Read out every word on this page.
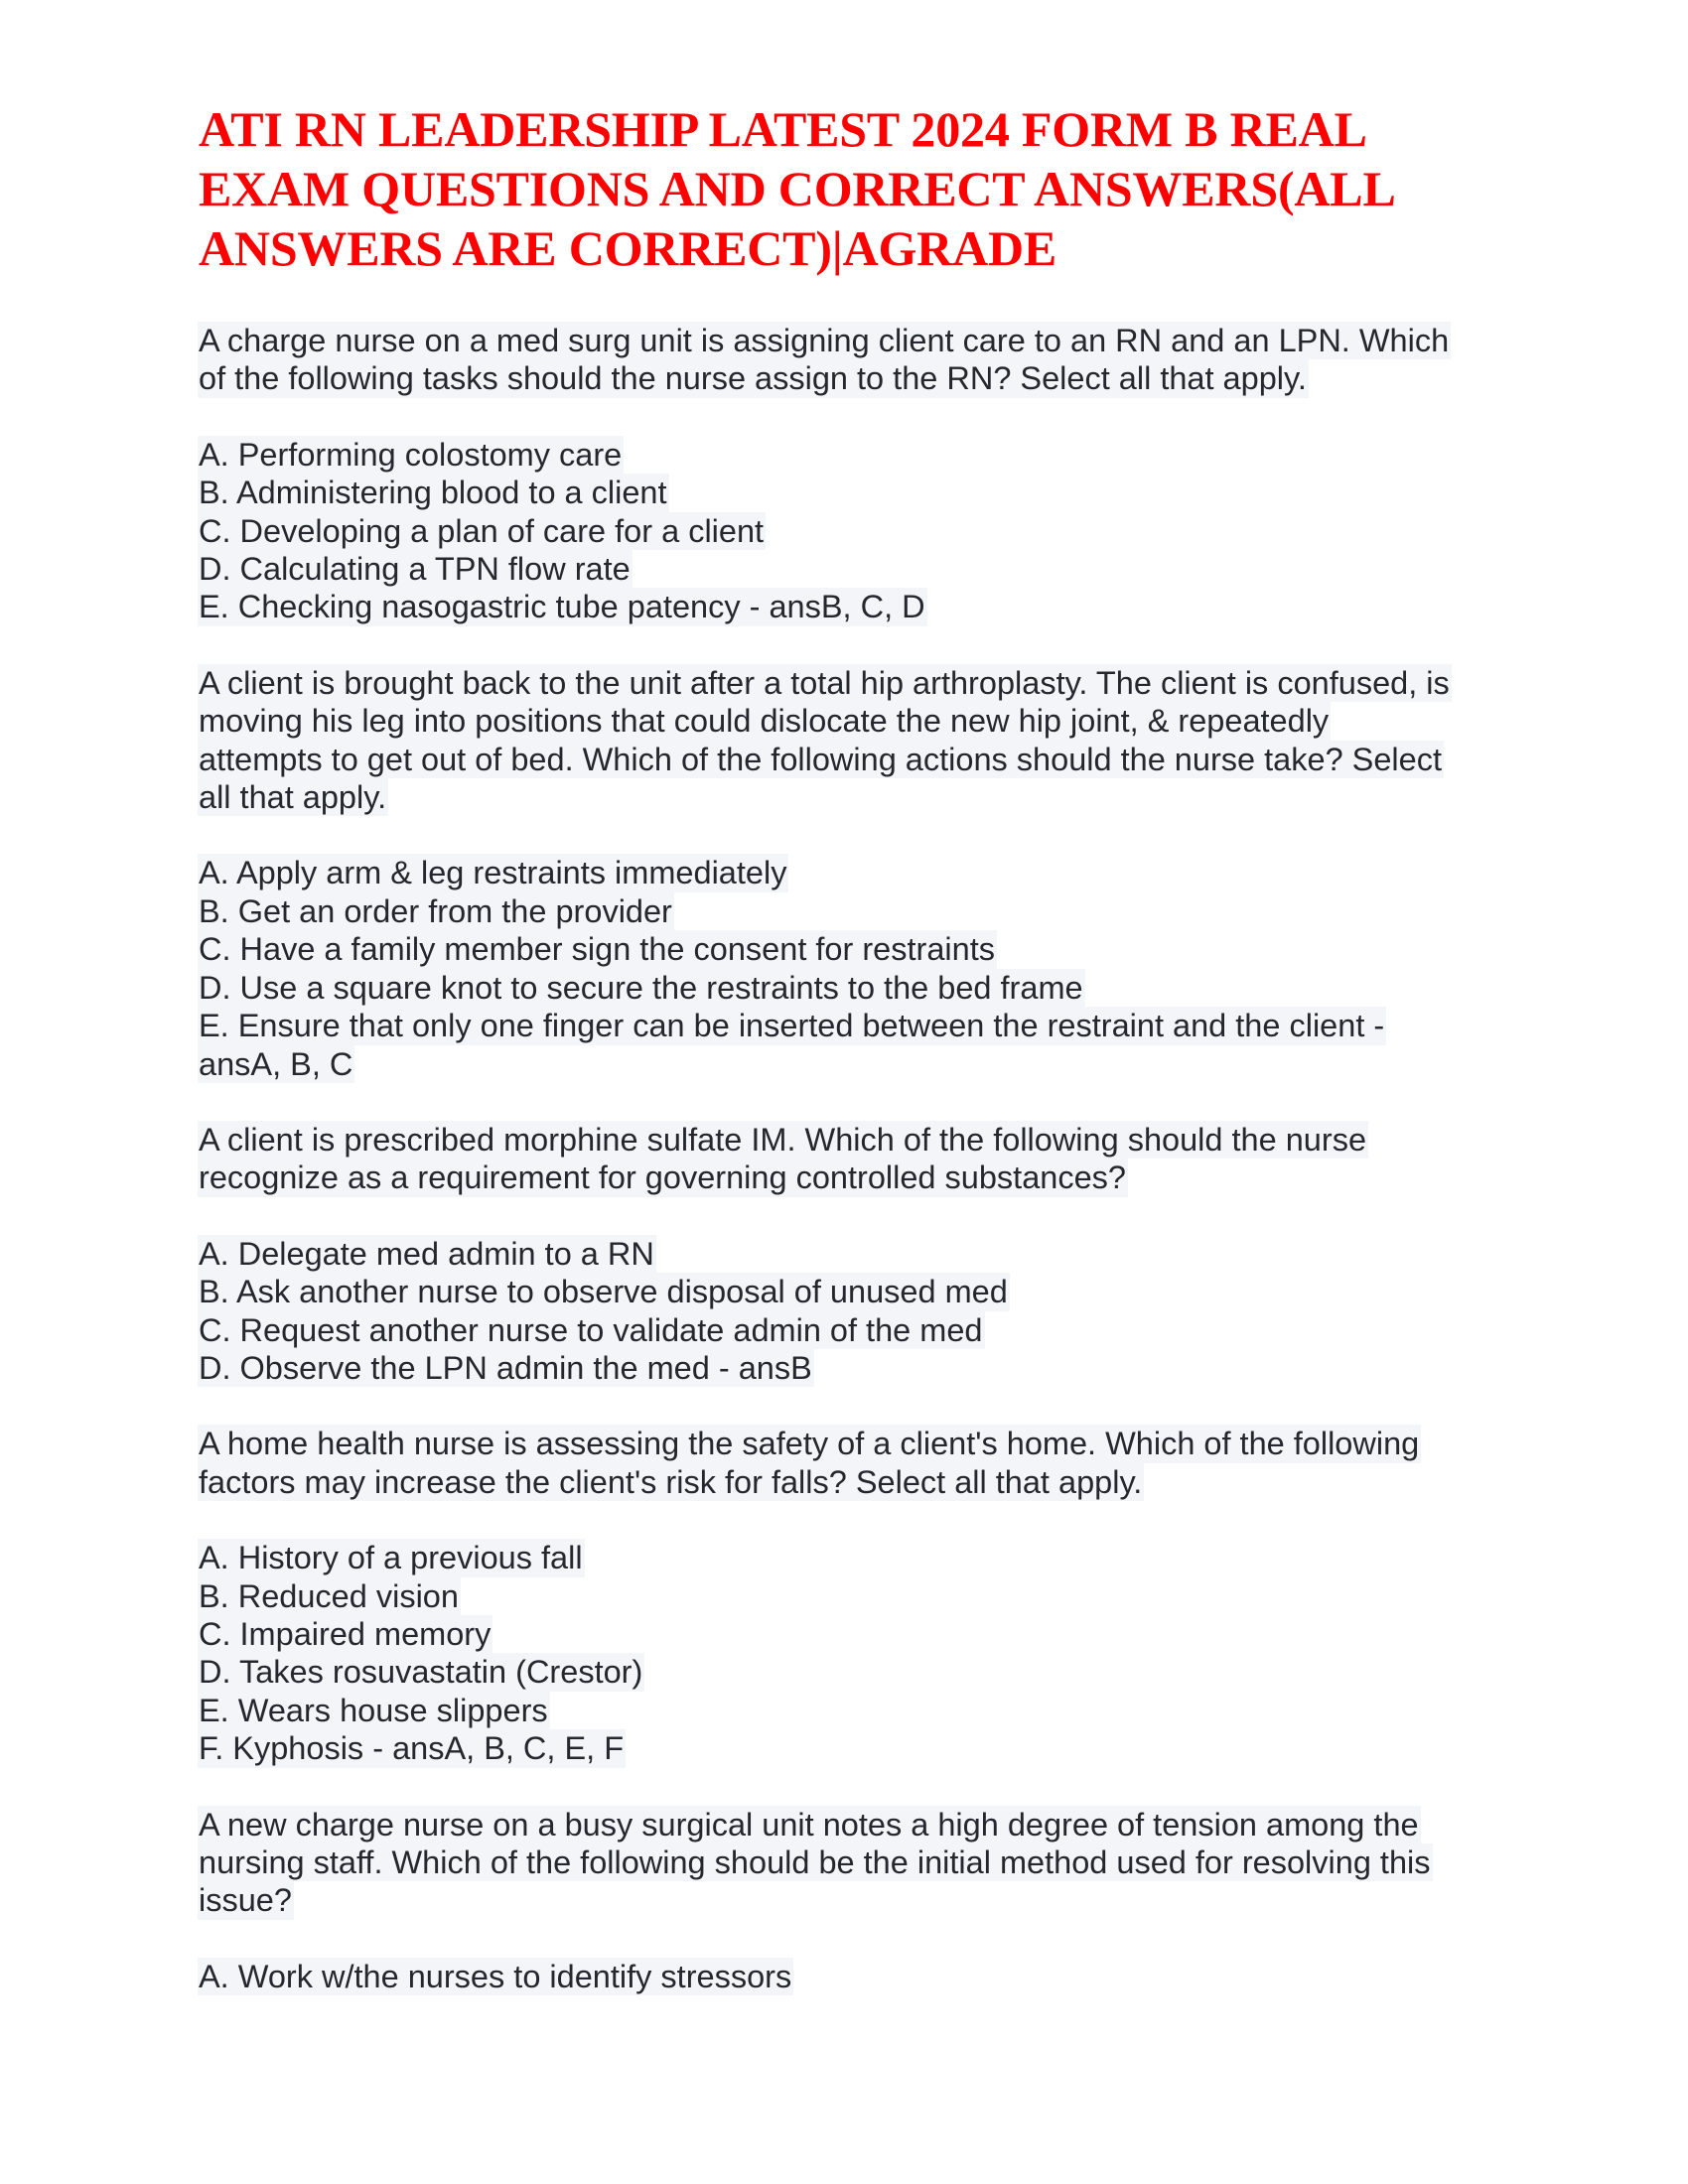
ATI RN LEADERSHIP LATEST 2024 FORM B REAL
EXAM QUESTIONS AND CORRECT ANSWERS(ALL
ANSWERS ARE CORRECT)|AGRADE
A charge nurse on a med surg unit is assigning client care to an RN and an LPN. Which
of the following tasks should the nurse assign to the RN? Select all that apply.
A. Performing colostomy care
B. Administering blood to a client
C. Developing a plan of care for a client
D. Calculating a TPN flow rate
E. Checking nasogastric tube patency - ansB, C, D
A client is brought back to the unit after a total hip arthroplasty. The client is confused, is
moving his leg into positions that could dislocate the new hip joint, & repeatedly
attempts to get out of bed. Which of the following actions should the nurse take? Select
all that apply.
A. Apply arm & leg restraints immediately
B. Get an order from the provider
C. Have a family member sign the consent for restraints
D. Use a square knot to secure the restraints to the bed frame
E. Ensure that only one finger can be inserted between the restraint and the client -
ansA, B, C
A client is prescribed morphine sulfate IM. Which of the following should the nurse
recognize as a requirement for governing controlled substances?
A. Delegate med admin to a RN
B. Ask another nurse to observe disposal of unused med
C. Request another nurse to validate admin of the med
D. Observe the LPN admin the med - ansB
A home health nurse is assessing the safety of a client's home. Which of the following
factors may increase the client's risk for falls? Select all that apply.
A. History of a previous fall
B. Reduced vision
C. Impaired memory
D. Takes rosuvastatin (Crestor)
E. Wears house slippers
F. Kyphosis - ansA, B, C, E, F
A new charge nurse on a busy surgical unit notes a high degree of tension among the
nursing staff. Which of the following should be the initial method used for resolving this
issue?
A. Work w/the nurses to identify stressors
